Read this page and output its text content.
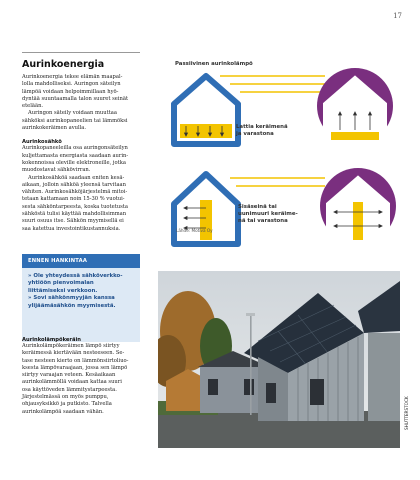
17
Aurinkoenergia

Aurinkoenergia tekee elämän maapal-

lolla mahdolliseksi. Auringon säteilyn

lämpöä voidaan helpoimmillaan hyö-

dyntää suuntaamalla talon suuret seinät

etelään.

Auringon säteily voidaan muuttaa

sähköksi aurinkopaneelien tai lämmöksi

aurinkokeräimen avulla.

Aurinkosähkö

Aurinkopaneeleilla osa auringonsäteilyn

kuljettamasta energiasta saadaan aurin-

kokennoissa oleville elektroneille, jotka

muodostavat sähkövirran.

Aurinkosähköä saadaan eniten kesä-

aikaan, jolloin sähköä yleensä tarvitaan

vähiten. Aurinkosähköjärjestelmä mitoi-

tetaan kattamaan noin 15-30 % vuotui-

sesta sähköntarpeesta, koska tuotetusta

sähköstä tulisi käyttää mahdollisimman

suuri osuus itse. Sähkön myymisellä ei

saa katettua investointikustannuksia.

ENNEN HANKINTAA
» Ole yhteydessä sähköverkko-
yhtiöön pienvoimalan
liittämiseksi verkkoon.
» Sovi sähkönmyyjän kanssa
ylijäämäsähkön myymisestä.
Aurinkolämpökeräin

Aurinkolämpökeräimen lämpö siirtyy

keräimessä kiertävään nesteeseen. Se-

tase nesteen kierto on lämmönsiirtoliuo-

ksesta lämpövaraajaan, jossa sen lämpö

siirtyy varaajan veteen. Kesäaikaan

aurinkolämmöllä voidaan kattaa suuri

osa käyttöveden lämmitystarpeesta.

Järjestelmässä on myös pumppu,

ohjausyksikkö ja putkisto. Talvella

aurinkolämpöä saadaan vähän.

Passiivinen aurinkolämpö
Lattia keräimenä
ja varastona
Sisäseinä tai
uunimuuri keräime-
nä tai varastona
Lähde: Motiva Oy
SHUTTERSTOCK
